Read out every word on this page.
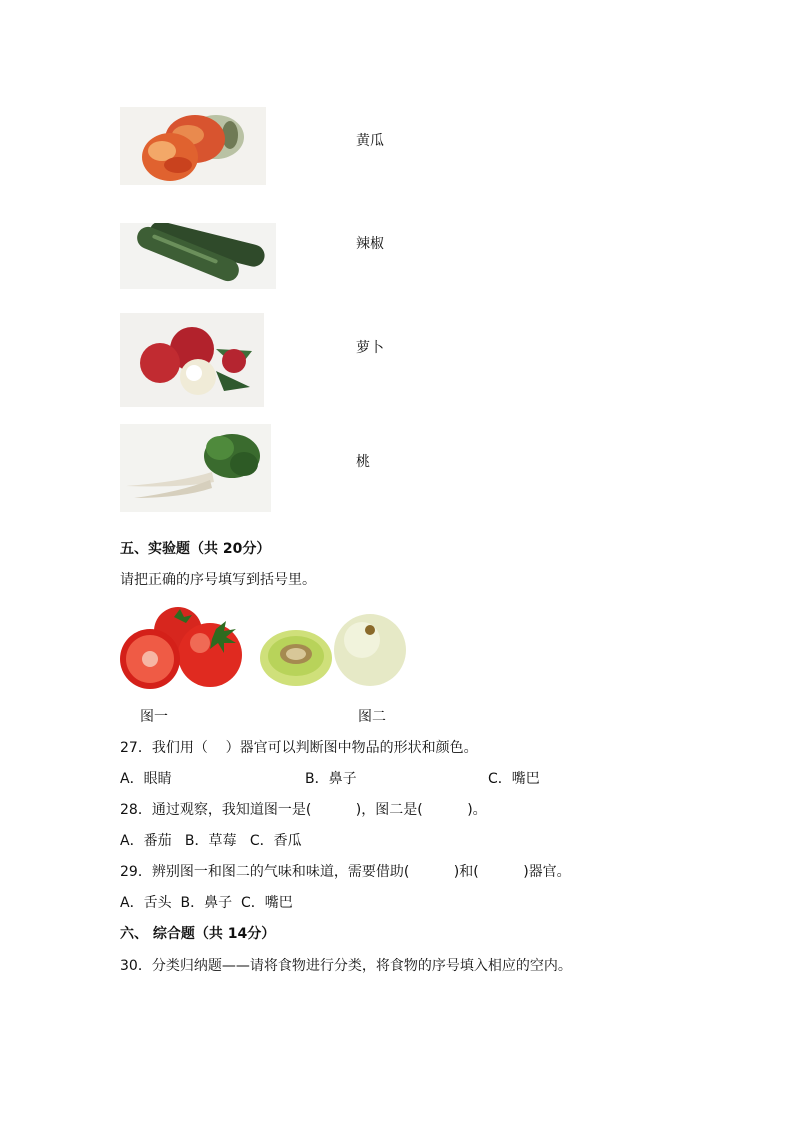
黄瓜
辣椒
萝卜
桃
五、实验题（共 20分）
请把正确的序号填写到括号里。
图一	图二
27．我们用（    ）器官可以判断图中物品的形状和颜色。
A．眼睛	B．鼻子	C．嘴巴
28．通过观察，我知道图一是(          )，图二是(          )。
A．番茄   B．草莓   C．香瓜
29．辨别图一和图二的气味和味道，需要借助(          )和(          )器官。
A．舌头  B．鼻子  C．嘴巴
六、 综合题（共 14分）
30．分类归纳题——请将食物进行分类，将食物的序号填入相应的空内。
